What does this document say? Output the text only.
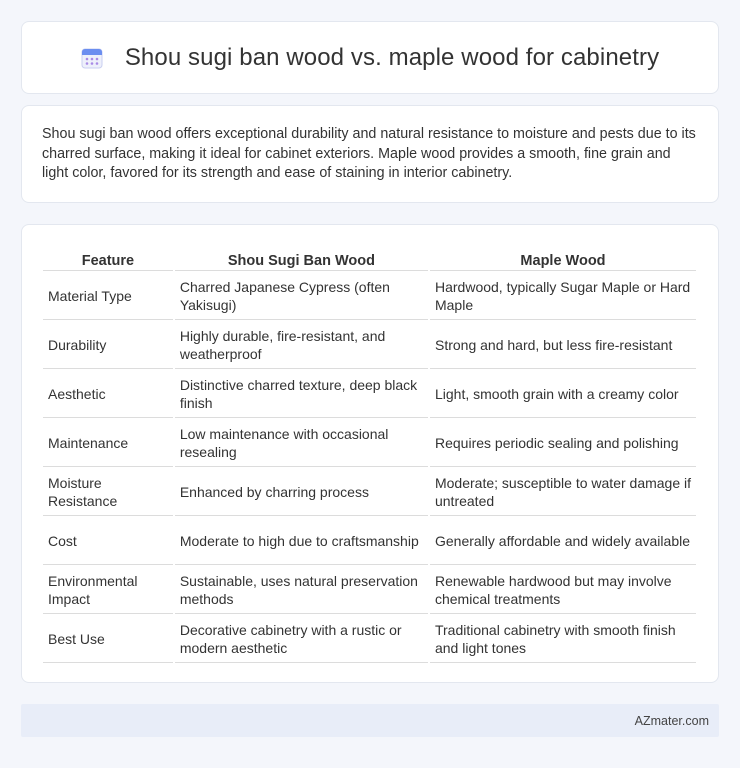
Shou sugi ban wood vs. maple wood for cabinetry

Shou sugi ban wood offers exceptional durability and natural resistance to moisture and pests due to its charred surface, making it ideal for cabinet exteriors. Maple wood provides a smooth, fine grain and light color, favored for its strength and ease of staining in interior cabinetry.

Feature	Shou Sugi Ban Wood	Maple Wood
Material Type	Charred Japanese Cypress (often Yakisugi)	Hardwood, typically Sugar Maple or Hard Maple
Durability	Highly durable, fire-resistant, and weatherproof	Strong and hard, but less fire-resistant
Aesthetic	Distinctive charred texture, deep black finish	Light, smooth grain with a creamy color
Maintenance	Low maintenance with occasional resealing	Requires periodic sealing and polishing
Moisture Resistance	Enhanced by charring process	Moderate; susceptible to water damage if untreated
Cost	Moderate to high due to craftsmanship	Generally affordable and widely available
Environmental Impact	Sustainable, uses natural preservation methods	Renewable hardwood but may involve chemical treatments
Best Use	Decorative cabinetry with a rustic or modern aesthetic	Traditional cabinetry with smooth finish and light tones
AZmater.com
